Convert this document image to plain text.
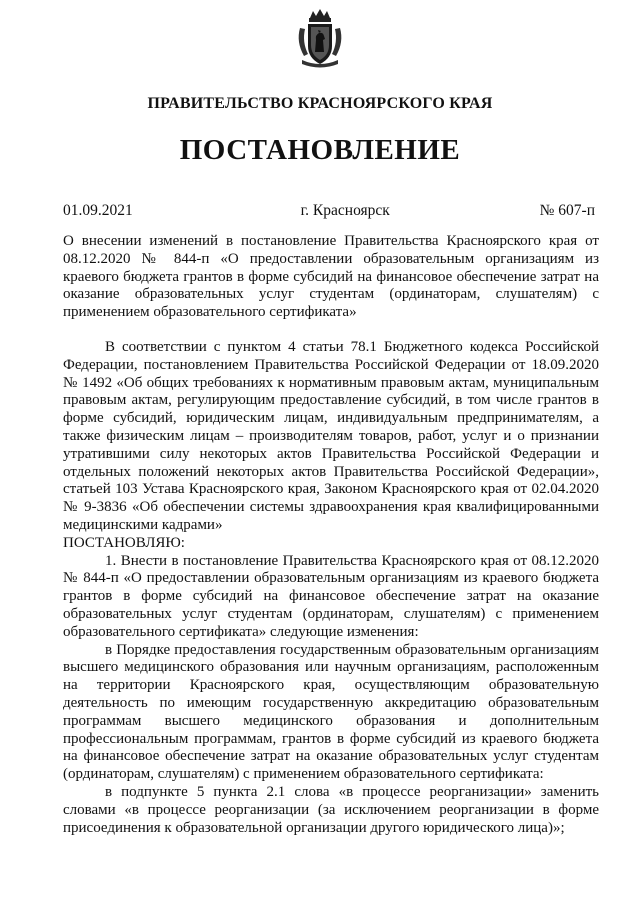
ПРАВИТЕЛЬСТВО КРАСНОЯРСКОГО КРАЯ
ПОСТАНОВЛЕНИЕ
01.09.2021	г. Красноярск	№ 607-п
О внесении изменений в постановление Правительства Красноярского края от 08.12.2020 № 844-п «О предоставлении образовательным организациям из краевого бюджета грантов в форме субсидий на финансовое обеспечение затрат на оказание образовательных услуг студентам (ординаторам, слушателям) с применением образовательного сертификата»

В соответствии с пунктом 4 статьи 78.1 Бюджетного кодекса Российской Федерации, постановлением Правительства Российской Федерации от 18.09.2020 № 1492 «Об общих требованиях к нормативным правовым актам, муниципальным правовым актам, регулирующим предоставление субсидий, в том числе грантов в форме субсидий, юридическим лицам, индивидуальным предпринимателям, а также физическим лицам – производителям товаров, работ, услуг и о признании утратившими силу некоторых актов Правительства Российской Федерации и отдельных положений некоторых актов Правительства Российской Федерации», статьей 103 Устава Красноярского края, Законом Красноярского края от 02.04.2020 № 9-3836 «Об обеспечении системы здравоохранения края квалифицированными медицинскими кадрами»

ПОСТАНОВЛЯЮ:

1. Внести в постановление Правительства Красноярского края от 08.12.2020 № 844-п «О предоставлении образовательным организациям из краевого бюджета грантов в форме субсидий на финансовое обеспечение затрат на оказание образовательных услуг студентам (ординаторам, слушателям) с применением образовательного сертификата» следующие изменения:

в Порядке предоставления государственным образовательным организациям высшего медицинского образования или научным организациям, расположенным на территории Красноярского края, осуществляющим образовательную деятельность по имеющим государственную аккредитацию образовательным программам высшего медицинского образования и дополнительным профессиональным программам, грантов в форме субсидий из краевого бюджета на финансовое обеспечение затрат на оказание образовательных услуг студентам (ординаторам, слушателям) с применением образовательного сертификата:

в подпункте 5 пункта 2.1 слова «в процессе реорганизации» заменить словами «в процессе реорганизации (за исключением реорганизации в форме присоединения к образовательной организации другого юридического лица)»;
